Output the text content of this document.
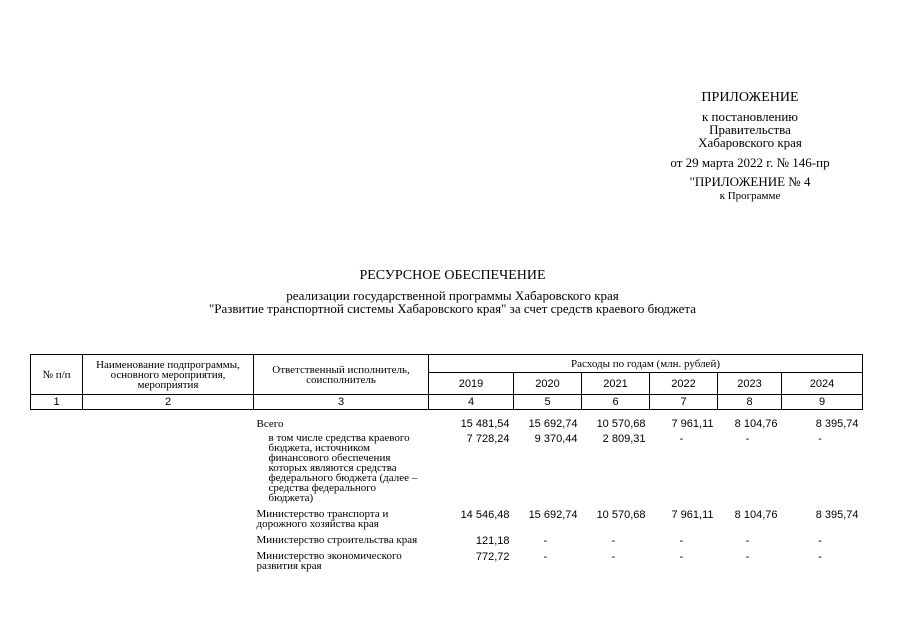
ПРИЛОЖЕНИЕ
к постановлению
Правительства
Хабаровского края
от 29 марта 2022 г. № 146-пр
"ПРИЛОЖЕНИЕ № 4
к Программе
РЕСУРСНОЕ ОБЕСПЕЧЕНИЕ
реализации государственной программы Хабаровского края
"Развитие транспортной системы Хабаровского края" за счет средств краевого бюджета
№ п/п	Наименование подпрограммы, основного мероприятия, мероприятия	Ответственный исполнитель, соисполнитель	Расходы по годам (млн. рублей)					
			2019	2020	2021	2022	2023	2024
1	2	3	4	5	6	7	8	9
		Всего	15 481,54	15 692,74	10 570,68	7 961,11	8 104,76	8 395,74
		в том числе средства краевого бюджета, источником финансового обеспечения которых являются средства федерального бюджета (далее – средства федерального бюджета)	7 728,24	9 370,44	2 809,31	-	-	-
		Министерство транспорта и дорожного хозяйства края	14 546,48	15 692,74	10 570,68	7 961,11	8 104,76	8 395,74
		Министерство строительства края	121,18	-	-	-	-	-
		Министерство экономического развития края	772,72	-	-	-	-	-
